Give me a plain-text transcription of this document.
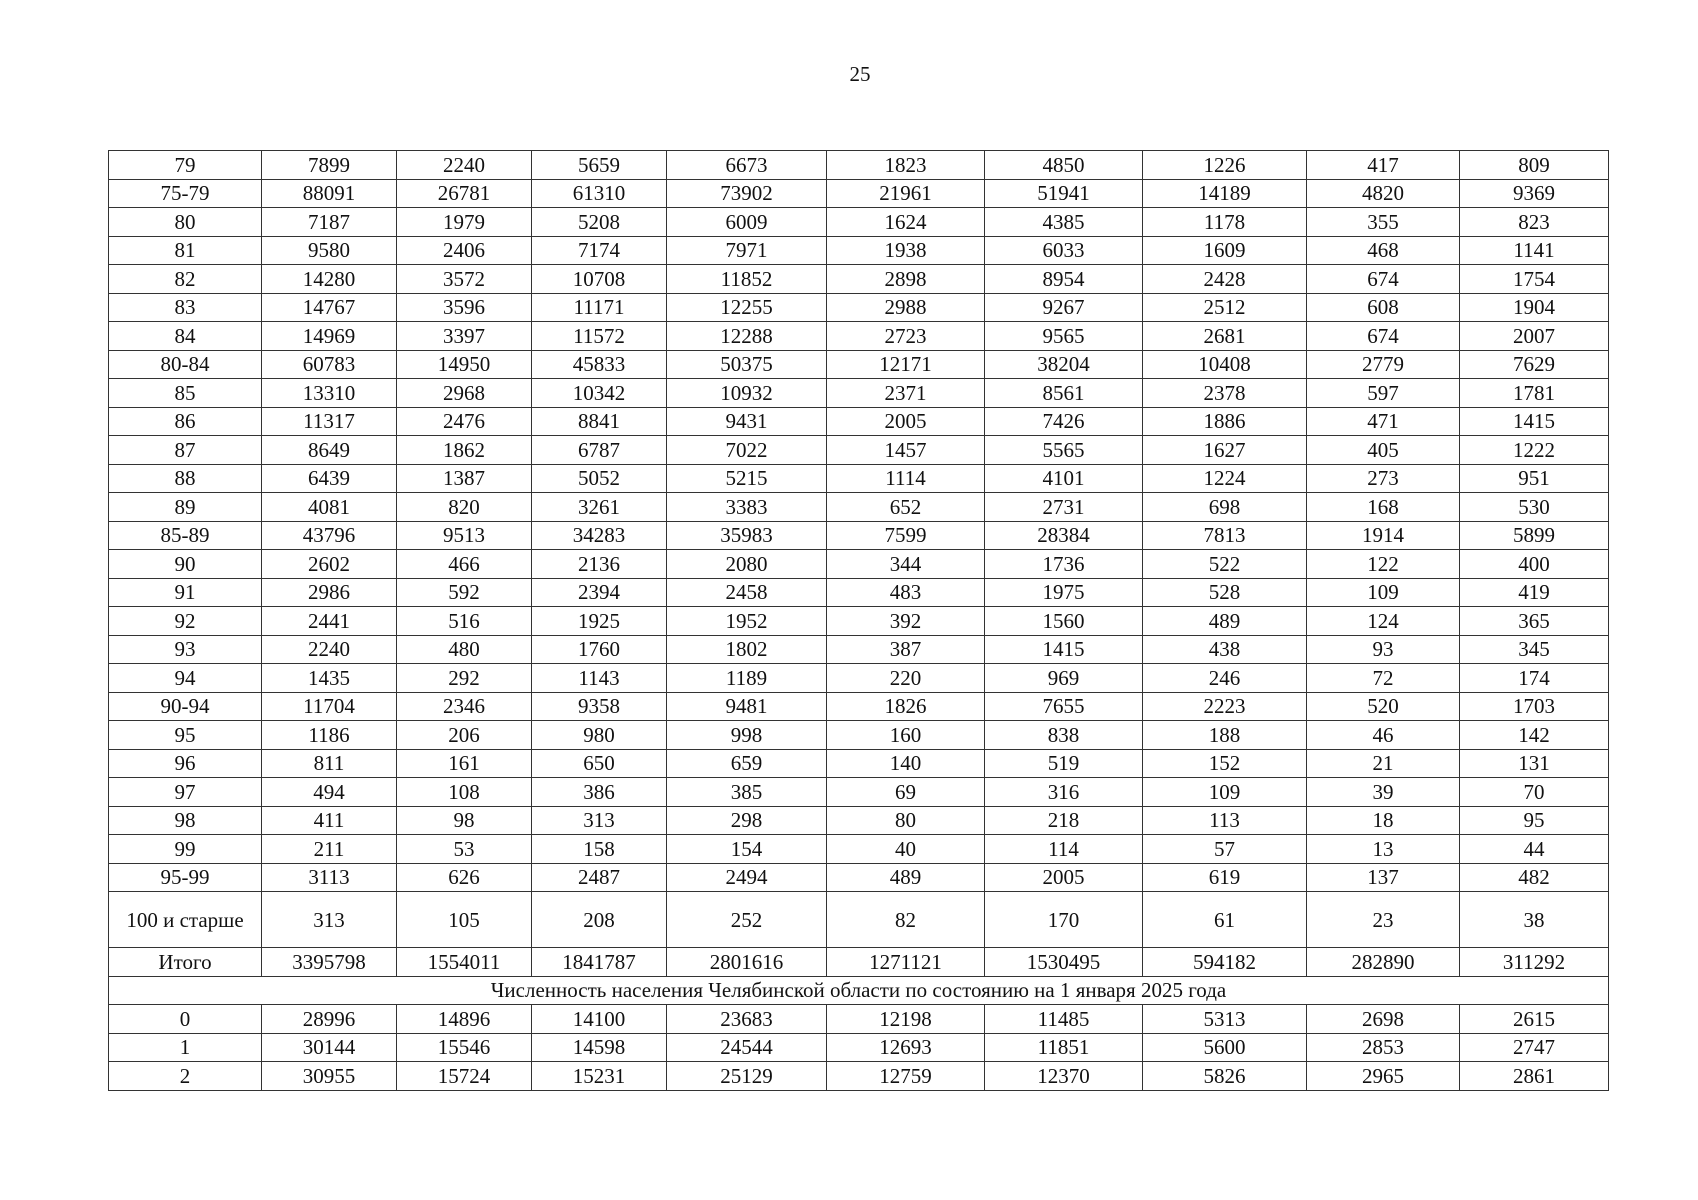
25
79	7899	2240	5659	6673	1823	4850	1226	417	809
75-79	88091	26781	61310	73902	21961	51941	14189	4820	9369
80	7187	1979	5208	6009	1624	4385	1178	355	823
81	9580	2406	7174	7971	1938	6033	1609	468	1141
82	14280	3572	10708	11852	2898	8954	2428	674	1754
83	14767	3596	11171	12255	2988	9267	2512	608	1904
84	14969	3397	11572	12288	2723	9565	2681	674	2007
80-84	60783	14950	45833	50375	12171	38204	10408	2779	7629
85	13310	2968	10342	10932	2371	8561	2378	597	1781
86	11317	2476	8841	9431	2005	7426	1886	471	1415
87	8649	1862	6787	7022	1457	5565	1627	405	1222
88	6439	1387	5052	5215	1114	4101	1224	273	951
89	4081	820	3261	3383	652	2731	698	168	530
85-89	43796	9513	34283	35983	7599	28384	7813	1914	5899
90	2602	466	2136	2080	344	1736	522	122	400
91	2986	592	2394	2458	483	1975	528	109	419
92	2441	516	1925	1952	392	1560	489	124	365
93	2240	480	1760	1802	387	1415	438	93	345
94	1435	292	1143	1189	220	969	246	72	174
90-94	11704	2346	9358	9481	1826	7655	2223	520	1703
95	1186	206	980	998	160	838	188	46	142
96	811	161	650	659	140	519	152	21	131
97	494	108	386	385	69	316	109	39	70
98	411	98	313	298	80	218	113	18	95
99	211	53	158	154	40	114	57	13	44
95-99	3113	626	2487	2494	489	2005	619	137	482
100 и старше	313	105	208	252	82	170	61	23	38
Итого	3395798	1554011	1841787	2801616	1271121	1530495	594182	282890	311292
Численность населения Челябинской области по состоянию на 1 января 2025 года									
0	28996	14896	14100	23683	12198	11485	5313	2698	2615
1	30144	15546	14598	24544	12693	11851	5600	2853	2747
2	30955	15724	15231	25129	12759	12370	5826	2965	2861
